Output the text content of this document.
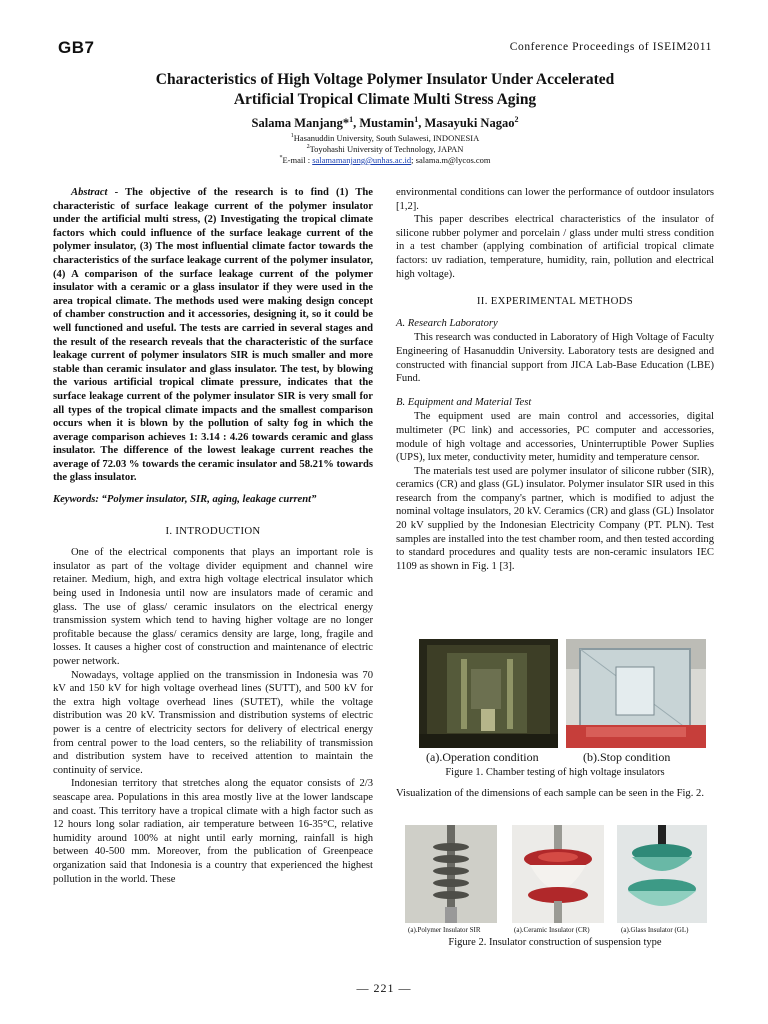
GB7	Conference Proceedings of ISEIM2011
Characteristics of High Voltage Polymer Insulator Under Accelerated
Artificial Tropical Climate Multi Stress Aging
Salama Manjang*$^1$, Mustamin$^1$, Masayuki Nagao$^2$
$^1$Hasanuddin University, South Sulawesi, INDONESIA
$^2$Toyohashi University of Technology, JAPAN
*E-mail : salamamanjang@unhas.ac.id; salama.m@lycos.com

Abstract - The objective of the research is to find (1) The characteristic of surface leakage current of the polymer insulator under the artificial multi stress, (2) Investigating the tropical climate factors which could influence of the surface leakage current of the polymer insulator, (3) The most influential climate factor towards the characteristics of the surface leakage current of the polymer insulator, (4) A comparison of the surface leakage current of the polymer insulator with a ceramic or a glass insulator if they were used in the area tropical climate. The methods used were making design concept of chamber construction and it accessories, designing it, so it could be well functioned and useful. The tests are carried in several stages and the result of the research reveals that the characteristic of the surface leakage current of polymer insulators SIR is much smaller and more stable than ceramic insulator and glass insulator. The test, by blowing the various artificial tropical climate pressure, indicates that the surface leakage current of the polymer insulator SIR is very small for all types of the tropical climate impacts and the smallest comparison occurs when it is blown by the pollution of salty fog in which the average comparison achieves 1: 3.14 : 4.26 towards ceramic and glass insulator. The difference of the lowest leakage current reaches the average of 72.03 % towards the ceramic insulator and 58.21% towards the glass insulator.

Keywords: “Polymer insulator, SIR, aging, leakage current”

I. INTRODUCTION

One of the electrical components that plays an important role is insulator as part of the voltage divider equipment and channel wire retainer. Medium, high, and extra high voltage electrical insulator which being used in Indonesia until now are insulators made of ceramic and glass. The use of glass/ ceramic insulators on the electrical energy transmission system which tend to having higher voltage are no longer profitable because the glass/ ceramics density are large, long, fragile and losses. It causes a higher cost of construction and maintenance of electric power network.

Nowadays, voltage applied on the transmission in Indonesia was 70 kV and 150 kV for high voltage overhead lines (SUTT), and 500 kV for the extra high voltage overhead lines (SUTET), while the voltage distribution was 20 kV. Transmission and distribution systems of electric power is a centre of electricity sectors for delivery of electrical energy from central power to the load centers, so the reliability of transmission and distribution system have to received attention to maintain the continuity of service.

Indonesian territory that stretches along the equator consists of 2/3 seascape area. Populations in this area mostly live at the lower landscape and coast. This territory have a tropical climate with a high factor such as 12 hours long solar radiation, air temperature between 16-35°C, relative humidity around 100% at night until early morning, rainfall is high between 40-500 mm. Moreover, from the publication of Greenpeace organization said that Indonesia is a country that experienced the highest pollution in the world. These

environmental conditions can lower the performance of outdoor insulators [1,2].

This paper describes electrical characteristics of the insulator of silicone rubber polymer and porcelain / glass under multi stress condition in a test chamber (applying combination of artificial tropical climate factors: uv radiation, temperature, humidity, rain, pollution and electrical high voltage).

II. EXPERIMENTAL METHODS

A. Research Laboratory

This research was conducted in Laboratory of High Voltage of Faculty Engineering of Hasanuddin University. Laboratory tests are designed and constructed with financial support from JICA Lab-Base Education (LBE) Fund.

B. Equipment and Material Test

The equipment used are main control and accessories, digital multimeter (PC link) and accessories, PC computer and accessories, module of high voltage and accessories, Uninterruptible Power Suplies (UPS), lux meter, conductivity meter, humidity and temperature censor.

The materials test used are polymer insulator of silicone rubber (SIR), ceramics (CR) and glass (GL) insulator. Polymer insulator SIR used in this research from the company's partner, which is modified to adjust the nominal voltage insulators, 20 kV. Ceramics (CR) and glass (GL) Insolator 20 kV supplied by the Indonesian Electricity Company (PT. PLN). Test samples are installed into the test chamber room, and then tested according to standard procedures and quality tests are non-ceramic insulators IEC 1109 as shown in Fig. 1 [3].

(a).Operation condition	(b).Stop condition
Figure 1. Chamber testing of high voltage insulators

Visualization of the dimensions of each sample can be seen in the Fig. 2.

(a).Polymer Insulator SIR	(a).Ceramic Insulator (CR)	(a).Glass Insulator (GL)
Figure 2. Insulator construction of suspension type
— 221 —
